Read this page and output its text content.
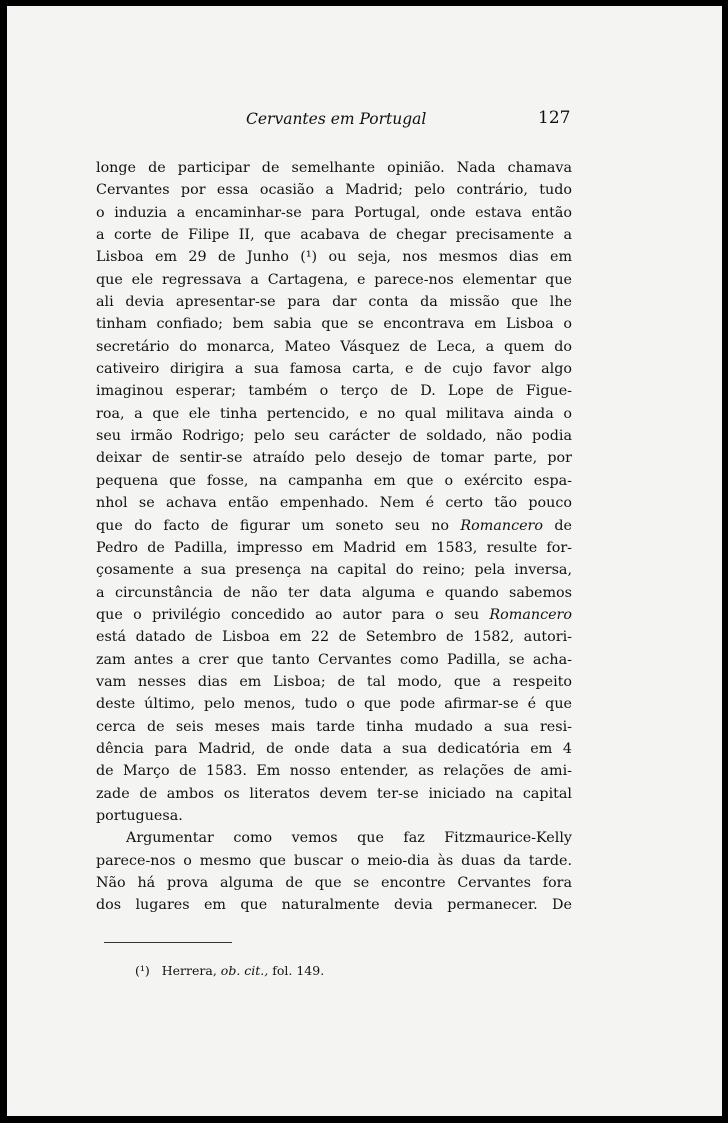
Cervantes em Portugal	127
longe de participar de semelhante opinião. Nada chamava
Cervantes por essa ocasião a Madrid; pelo contrário, tudo
o induzia a encaminhar-se para Portugal, onde estava então
a corte de Filipe II, que acabava de chegar precisamente a
Lisboa em 29 de Junho (¹) ou seja, nos mesmos dias em
que ele regressava a Cartagena, e parece-nos elementar que
ali devia apresentar-se para dar conta da missão que lhe
tinham confiado; bem sabia que se encontrava em Lisboa o
secretário do monarca, Mateo Vásquez de Leca, a quem do
cativeiro dirigira a sua famosa carta, e de cujo favor algo
imaginou esperar; também o terço de D. Lope de Figue-
roa, a que ele tinha pertencido, e no qual militava ainda o
seu irmão Rodrigo; pelo seu carácter de soldado, não podia
deixar de sentir-se atraído pelo desejo de tomar parte, por
pequena que fosse, na campanha em que o exército espa-
nhol se achava então empenhado. Nem é certo tão pouco
que do facto de figurar um soneto seu no Romancero de
Pedro de Padilla, impresso em Madrid em 1583, resulte for-
çosamente a sua presença na capital do reino; pela inversa,
a circunstância de não ter data alguma e quando sabemos
que o privilégio concedido ao autor para o seu Romancero
está datado de Lisboa em 22 de Setembro de 1582, autori-
zam antes a crer que tanto Cervantes como Padilla, se acha-
vam nesses dias em Lisboa; de tal modo, que a respeito
deste último, pelo menos, tudo o que pode afirmar-se é que
cerca de seis meses mais tarde tinha mudado a sua resi-
dência para Madrid, de onde data a sua dedicatória em 4
de Março de 1583. Em nosso entender, as relações de ami-
zade de ambos os literatos devem ter-se iniciado na capital
portuguesa.
Argumentar como vemos que faz Fitzmaurice-Kelly
parece-nos o mesmo que buscar o meio-dia às duas da tarde.
Não há prova alguma de que se encontre Cervantes fora
dos lugares em que naturalmente devia permanecer. De
(¹) Herrera, ob. cit., fol. 149.
